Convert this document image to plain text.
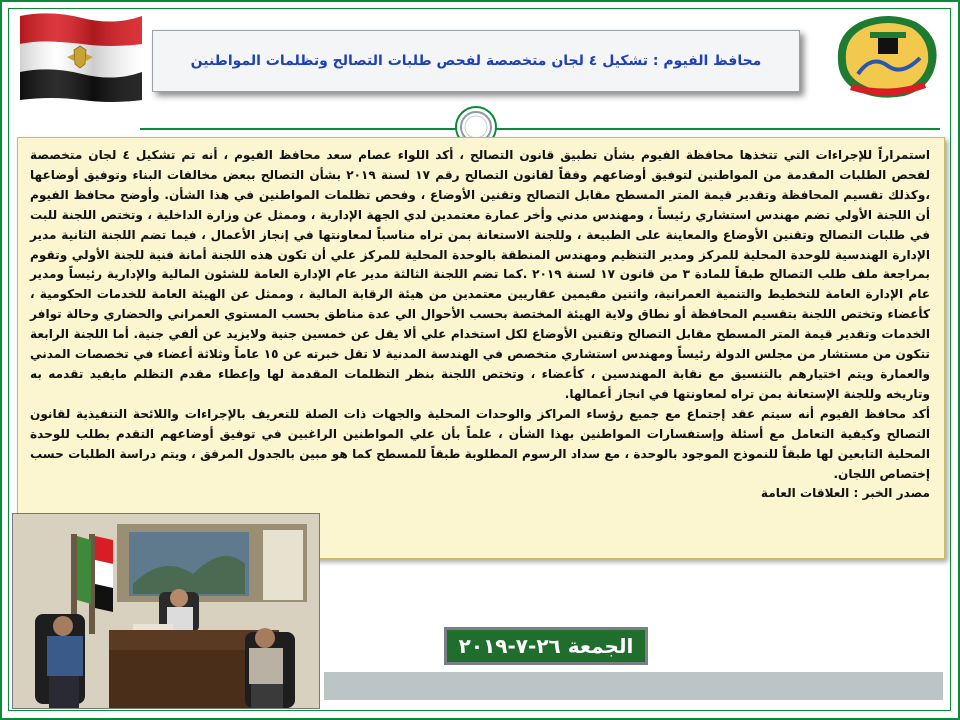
محافظ الفيوم : تشكيل ٤ لجان متخصصة لفحص طلبات التصالح وتظلمات المواطنين

استمراراً للإجراءات التي تتخذها محافظة الفيوم بشأن تطبيق قانون التصالح ، أكد اللواء عصام سعد محافظ الفيوم ، أنه تم تشكيل ٤ لجان متخصصة لفحص الطلبات المقدمة من المواطنين لتوفيق أوضاعهم وفقاً لقانون التصالح رقم ١٧ لسنة ٢٠١٩ بشأن التصالح ببعض مخالفات البناء وتوفيق أوضاعها ،وكذلك تقسيم المحافظة وتقدير قيمة المتر المسطح مقابل التصالح وتقنين الأوضاع ، وفحص تظلمات المواطنين في هذا الشأن. وأوضح محافظ الفيوم أن اللجنة الأولي تضم مهندس استشاري رئيساً ، ومهندس مدني وأخر عمارة معتمدين لدي الجهة الإدارية ، وممثل عن وزارة الداخلية ، وتختص اللجنة للبت في طلبات التصالح وتقنين الأوضاع والمعاينة على الطبيعة ، وللجنة الاستعانة بمن تراه مناسباً لمعاونتها في إنجاز الأعمال ، فيما تضم اللجنة الثانية مدير الإدارة الهندسية للوحدة المحلية للمركز ومدير التنظيم ومهندس المنطقة بالوحدة المحلية للمركز علي أن تكون هذه اللجنة أمانة فنية للجنة الأولي وتقوم بمراجعة ملف طلب التصالح طبقاً للمادة ٣ من قانون ١٧ لسنة ٢٠١٩ .كما تضم اللجنة الثالثة مدير عام الإدارة العامة للشئون المالية والإدارية رئيساً ومدير عام الإدارة العامة للتخطيط والتنمية العمرانية، واثنين مقيمين عقاريين معتمدين من هيئة الرقابة المالية ، وممثل عن الهيئة العامة للخدمات الحكومية ، كأعضاء وتختص اللجنة بتقسيم المحافظة أو نطاق ولاية الهيئة المختصة بحسب الأحوال الي عدة مناطق بحسب المستوي العمراني والحضاري وحالة توافر الخدمات وتقدير قيمة المتر المسطح مقابل التصالح وتقنين الأوضاع لكل استخدام علي ألا يقل عن خمسين جنية ولايزيد عن ألفي جنية. أما اللجنة الرابعة تتكون من مستشار من مجلس الدولة رئيساً ومهندس استشاري متخصص في الهندسة المدنية لا تقل خبرته عن ١٥ عاماً وثلاثة أعضاء في تخصصات المدني والعمارة ويتم اختيارهم بالتنسيق مع نقابة المهندسين ، كأعضاء ، وتختص اللجنة بنظر التظلمات المقدمة لها وإعطاء مقدم التظلم مايفيد تقدمه به وتاريخه وللجنة الإستعانة بمن تراه لمعاونتها في انجاز أعمالها.

أكد محافظ الفيوم أنه سيتم عقد إجتماع مع جميع رؤساء المراكز والوحدات المحلية والجهات ذات الصلة للتعريف بالإجراءات واللائحة التنفيذية لقانون التصالح وكيفية التعامل مع أسئلة وإستفسارات المواطنين بهذا الشأن ، علماً بأن علي المواطنين الراغبين في توفيق أوضاعهم التقدم بطلب للوحدة المحلية التابعين لها طبقاً للنموذج الموجود بالوحدة ، مع سداد الرسوم المطلوبة طبقاً للمسطح كما هو مبين بالجدول المرفق ، ويتم دراسة الطلبات حسب إختصاص اللجان.

مصدر الخبر : العلاقات العامة

الجمعة ٢٦-٧-٢٠١٩
